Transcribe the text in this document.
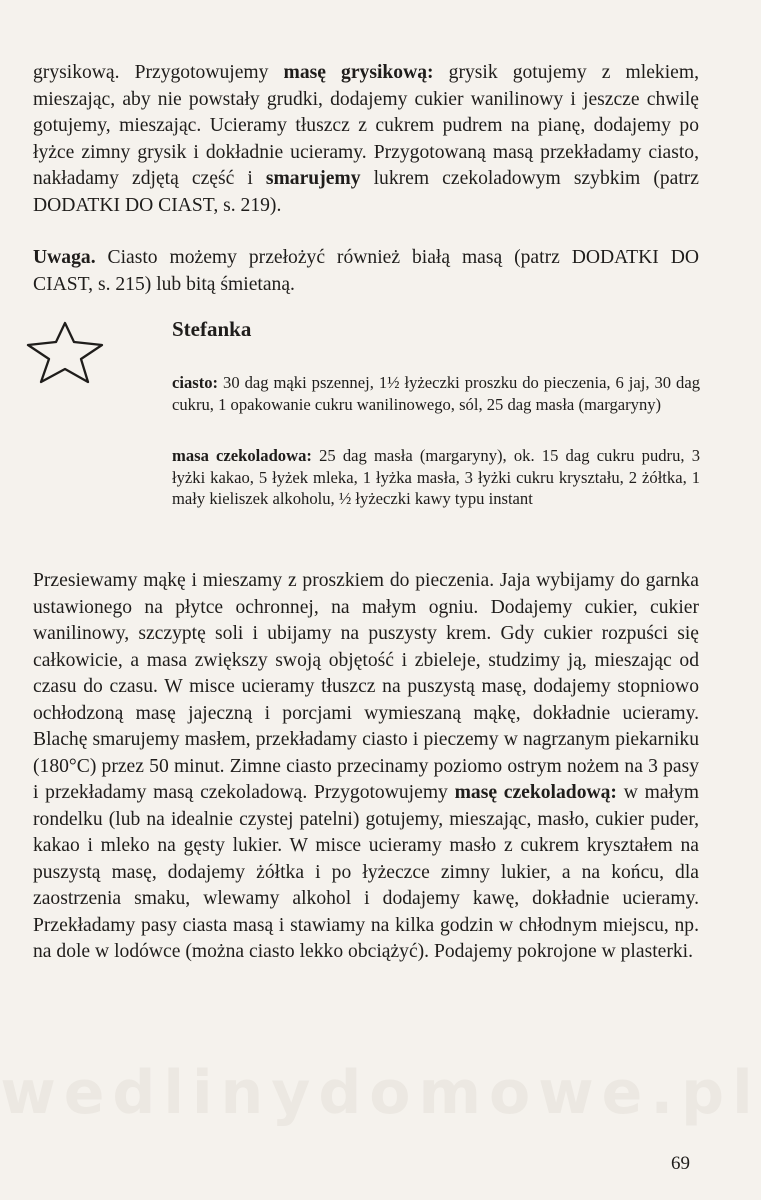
wedlinydomowe.pl

grysikową. Przygotowujemy masę grysikową: grysik gotujemy z mlekiem, mieszając, aby nie powstały grudki, dodajemy cukier wanilinowy i jeszcze chwilę gotujemy, mieszając. Ucieramy tłuszcz z cukrem pudrem na pianę, dodajemy po łyżce zimny grysik i dokładnie ucieramy. Przygotowaną masą przekładamy ciasto, nakładamy zdjętą część i smarujemy lukrem czekoladowym szybkim (patrz DODATKI DO CIAST, s. 219).

Uwaga. Ciasto możemy przełożyć również białą masą (patrz DODATKI DO CIAST, s. 215) lub bitą śmietaną.

Stefanka

ciasto: 30 dag mąki pszennej, 1½ łyżeczki proszku do pieczenia, 6 jaj, 30 dag cukru, 1 opakowanie cukru wanilinowego, sól, 25 dag masła (margaryny)

masa czekoladowa: 25 dag masła (margaryny), ok. 15 dag cukru pudru, 3 łyżki kakao, 5 łyżek mleka, 1 łyżka masła, 3 łyżki cukru kryształu, 2 żółtka, 1 mały kieliszek alkoholu, ½ łyżeczki kawy typu instant

Przesiewamy mąkę i mieszamy z proszkiem do pieczenia. Jaja wybijamy do garnka ustawionego na płytce ochronnej, na małym ogniu. Dodajemy cukier, cukier wanilinowy, szczyptę soli i ubijamy na puszysty krem. Gdy cukier rozpuści się całkowicie, a masa zwiększy swoją objętość i zbieleje, studzimy ją, mieszając od czasu do czasu. W misce ucieramy tłuszcz na puszystą masę, dodajemy stopniowo ochłodzoną masę jajeczną i porcjami wymieszaną mąkę, dokładnie ucieramy. Blachę smarujemy masłem, przekładamy ciasto i pieczemy w nagrzanym piekarniku (180°C) przez 50 minut. Zimne ciasto przecinamy poziomo ostrym nożem na 3 pasy i przekładamy masą czekoladową. Przygotowujemy masę czekoladową: w małym rondelku (lub na idealnie czystej patelni) gotujemy, mieszając, masło, cukier puder, kakao i mleko na gęsty lukier. W misce ucieramy masło z cukrem kryształem na puszystą masę, dodajemy żółtka i po łyżeczce zimny lukier, a na końcu, dla zaostrzenia smaku, wlewamy alkohol i dodajemy kawę, dokładnie ucieramy. Przekładamy pasy ciasta masą i stawiamy na kilka godzin w chłodnym miejscu, np. na dole w lodówce (można ciasto lekko obciążyć). Podajemy pokrojone w plasterki.

69
